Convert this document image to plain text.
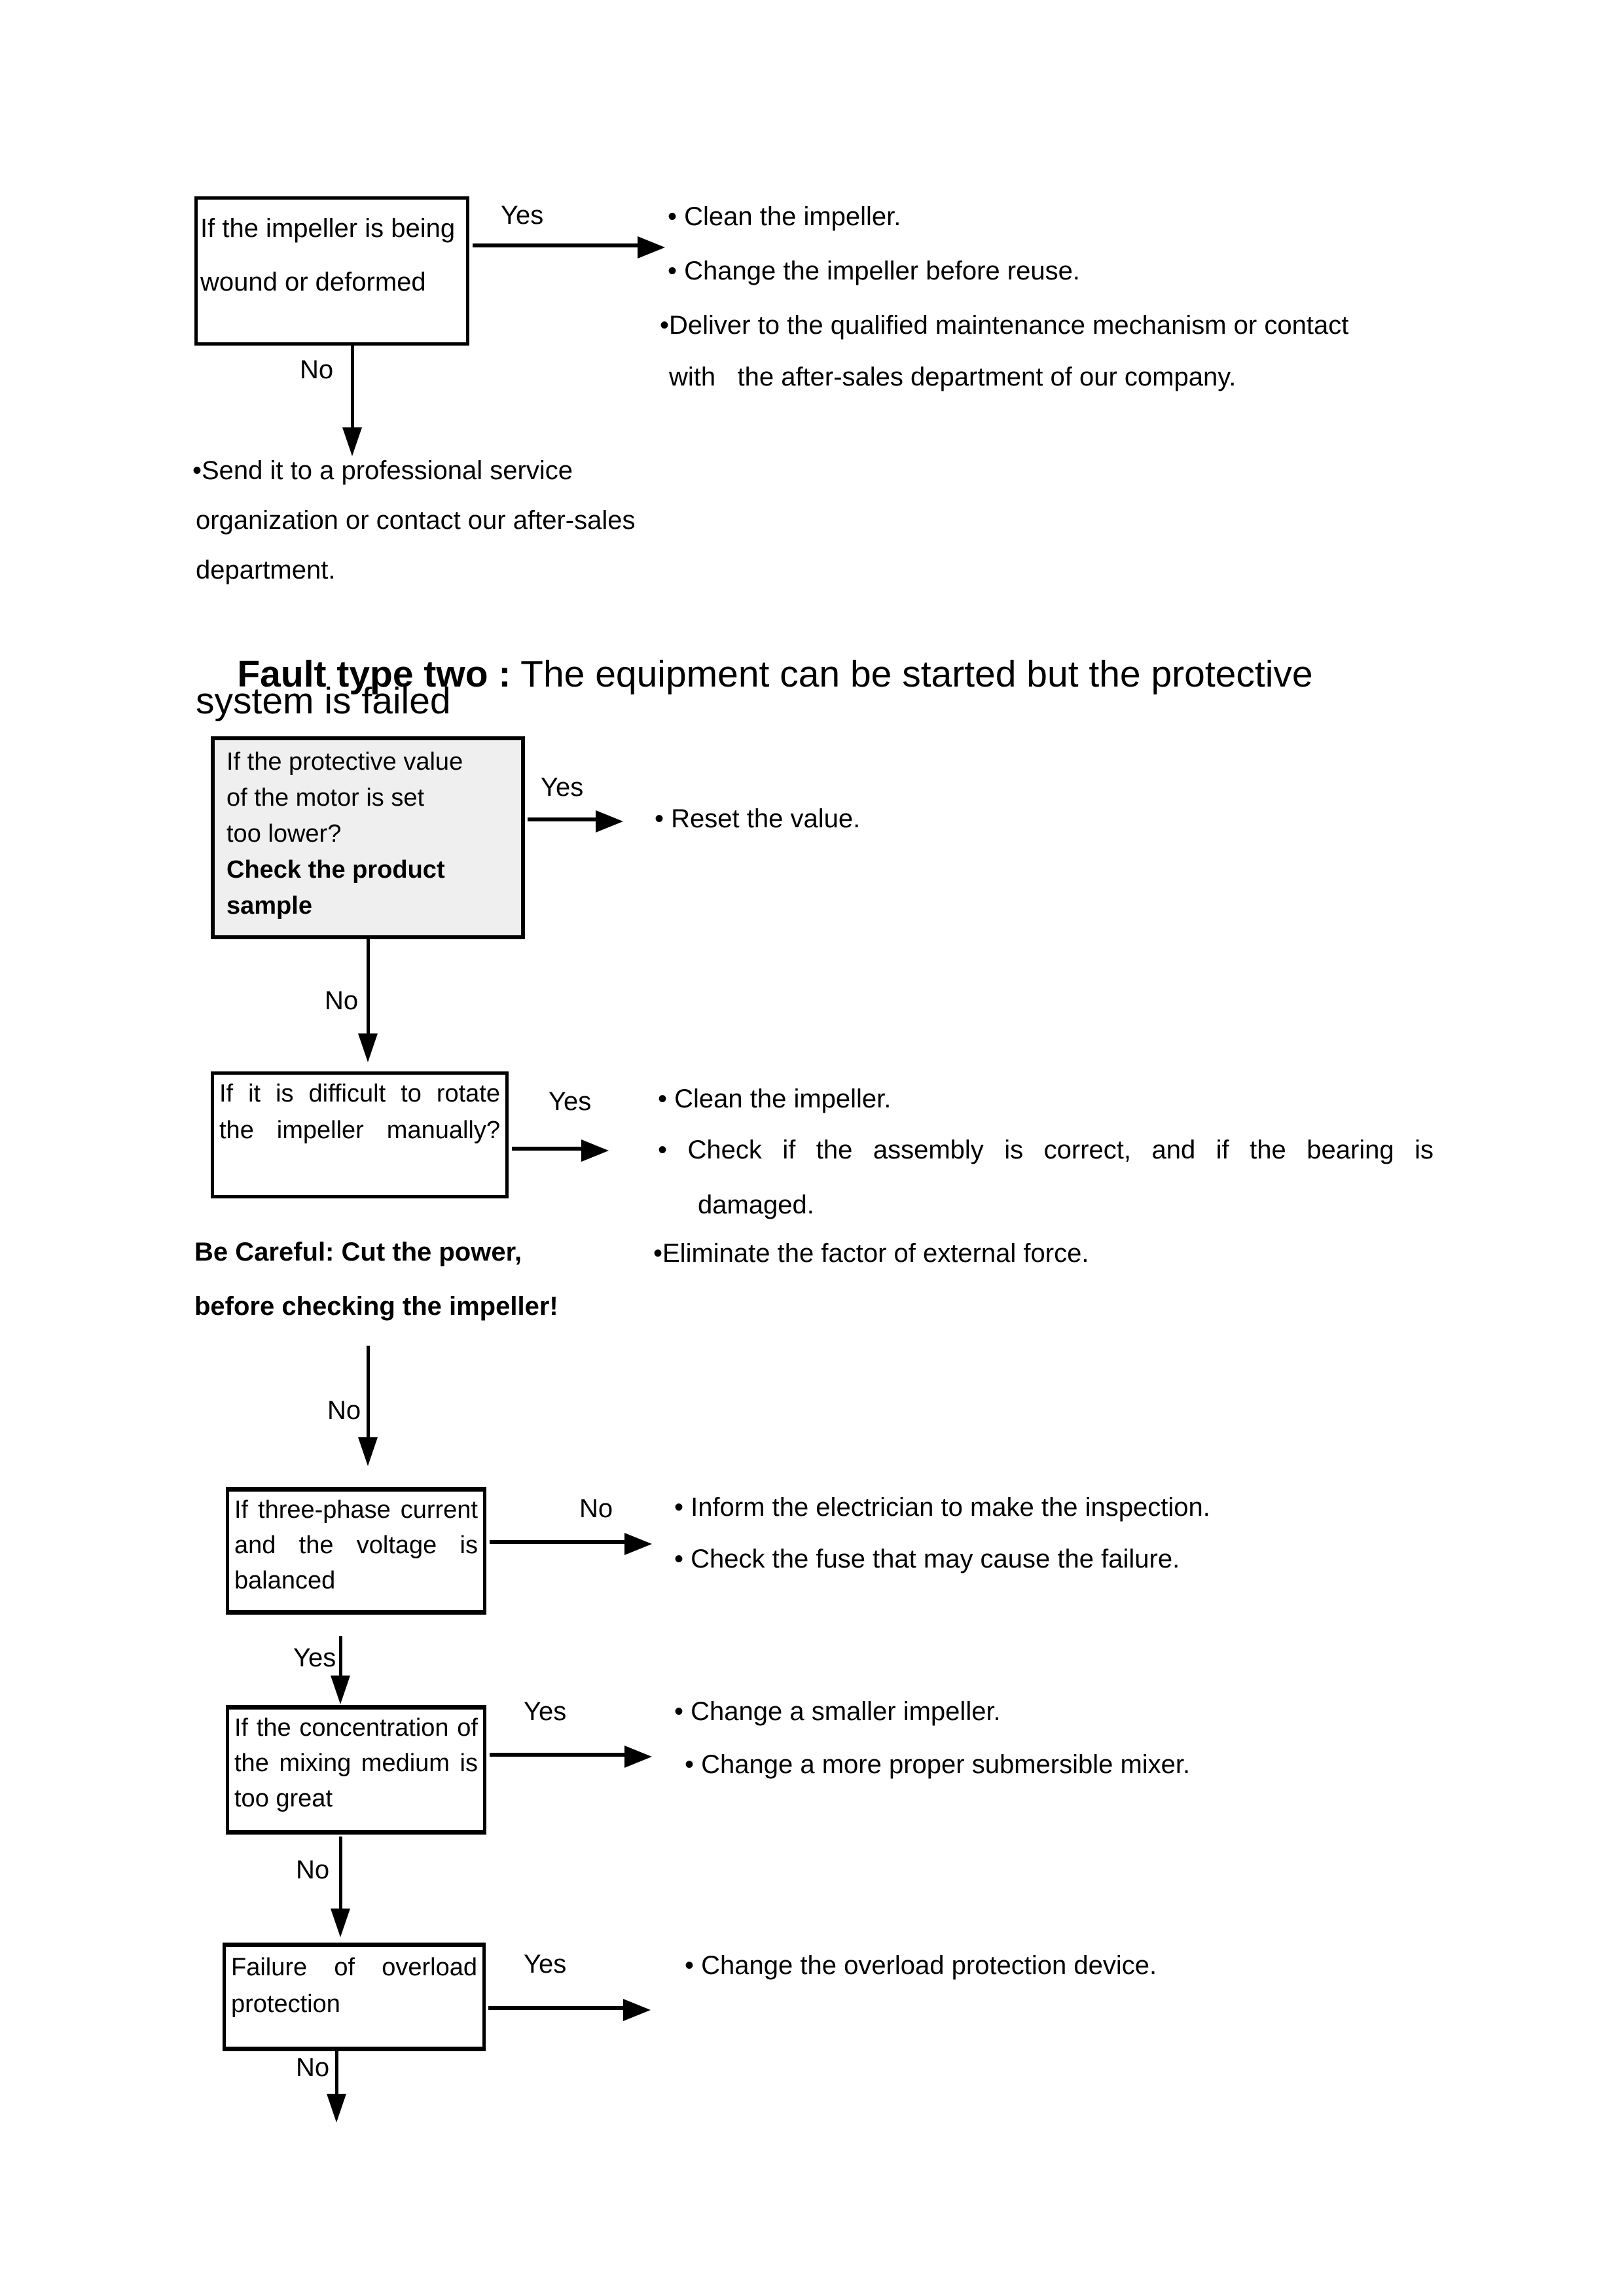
If the impeller is being
wound or deformed
Yes	• Clean the impeller.
• Change the impeller before reuse.
•Deliver to the qualified maintenance mechanism or contact
with   the after-sales department of our company.
No
•Send it to a professional service
organization or contact our after-sales
department.

Fault type two : The equipment can be started but the protective

system is failed
If the protective value
of the motor is set
too lower?
Check the product
sample
Yes
• Reset the value.
No
If it is difficult to rotate
the impeller manually?
Yes	• Clean the impeller.
• Check if the assembly is correct, and if the bearing is
damaged.
•Eliminate the factor of external force.
Be Careful: Cut the power,
before checking the impeller!
No
If three-phase current
and the voltage is
balanced
No • Inform the electrician to make the inspection.
• Check the fuse that may cause the failure.
Yes
If the concentration of
the mixing medium is
too great
Yes	• Change a smaller impeller.
• Change a more proper submersible mixer.
No
Failure of overload
protection
Yes	• Change the overload protection device.
No
